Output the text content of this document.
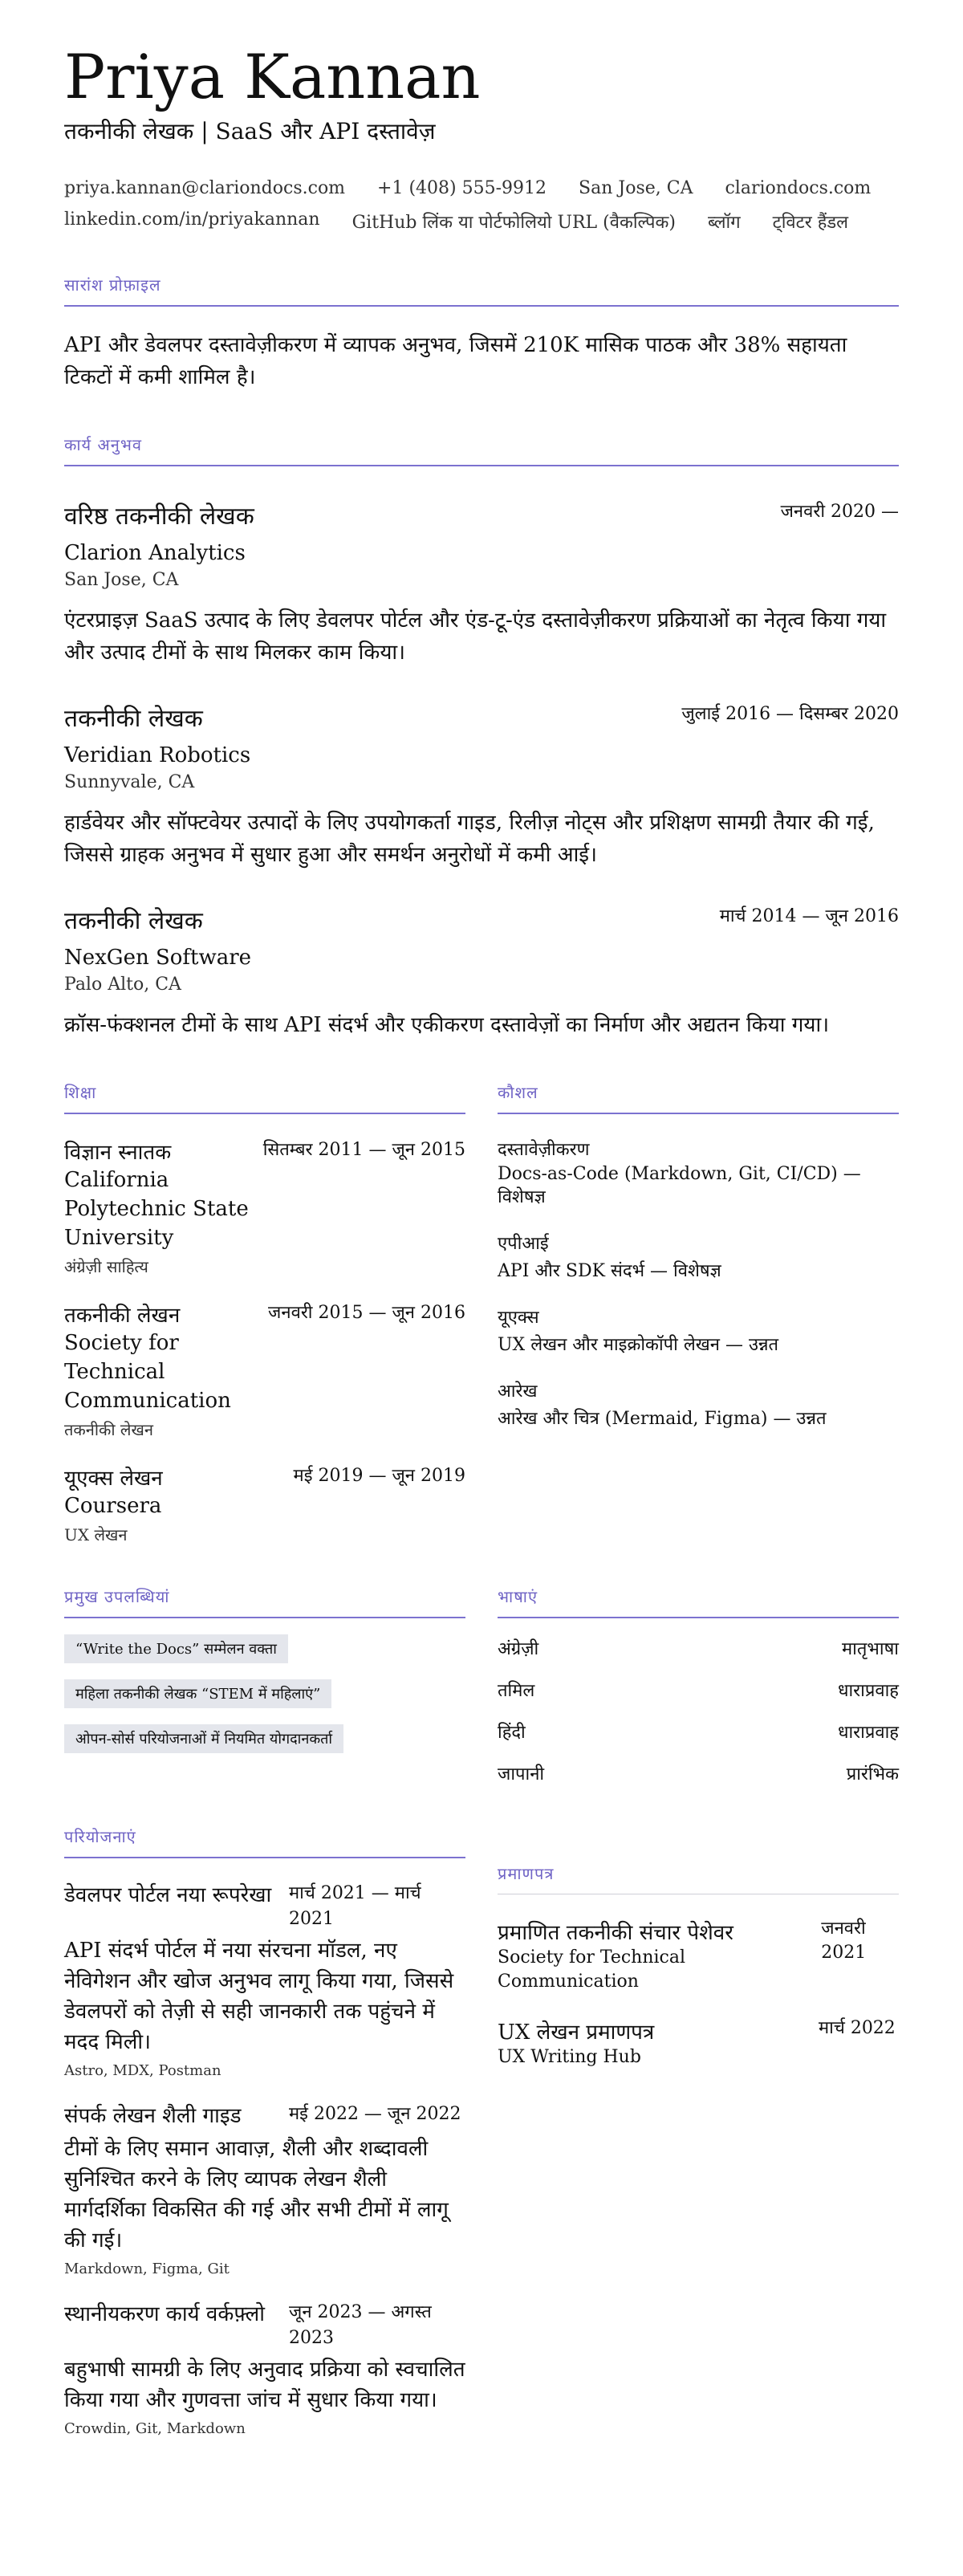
Priya Kannan
तकनीकी लेखक | SaaS और API दस्तावेज़
priya.kannan@clariondocs.com +1 (408) 555-9912 San Jose, CA clariondocs.com
linkedin.com/in/priyakannan GitHub लिंक या पोर्टफोलियो URL (वैकल्पिक) ब्लॉग ट्विटर हैंडल
सारांश प्रोफ़ाइल
API और डेवलपर दस्तावेज़ीकरण में व्यापक अनुभव, जिसमें 210K मासिक पाठक और 38% सहायता टिकटों में कमी शामिल है।
कार्य अनुभव
वरिष्ठ तकनीकी लेखक	जनवरी 2020 —
Clarion Analytics
San Jose, CA
एंटरप्राइज़ SaaS उत्पाद के लिए डेवलपर पोर्टल और एंड-टू-एंड दस्तावेज़ीकरण प्रक्रियाओं का नेतृत्व किया गया और उत्पाद टीमों के साथ मिलकर काम किया।
तकनीकी लेखक	जुलाई 2016 — दिसम्बर 2020
Veridian Robotics
Sunnyvale, CA
हार्डवेयर और सॉफ्टवेयर उत्पादों के लिए उपयोगकर्ता गाइड, रिलीज़ नोट्स और प्रशिक्षण सामग्री तैयार की गई, जिससे ग्राहक अनुभव में सुधार हुआ और समर्थन अनुरोधों में कमी आई।
तकनीकी लेखक	मार्च 2014 — जून 2016
NexGen Software
Palo Alto, CA
क्रॉस-फंक्शनल टीमों के साथ API संदर्भ और एकीकरण दस्तावेज़ों का निर्माण और अद्यतन किया गया।
शिक्षा
विज्ञान स्नातक
California Polytechnic State University
सितम्बर 2011 — जून 2015
अंग्रेज़ी साहित्य
तकनीकी लेखन
Society for Technical Communication
जनवरी 2015 — जून 2016
तकनीकी लेखन
यूएक्स लेखन
Coursera
मई 2019 — जून 2019
UX लेखन
कौशल
दस्तावेज़ीकरण
Docs-as-Code (Markdown, Git, CI/CD) — विशेषज्ञ
एपीआई
API और SDK संदर्भ — विशेषज्ञ
यूएक्स
UX लेखन और माइक्रोकॉपी लेखन — उन्नत
आरेख
आरेख और चित्र (Mermaid, Figma) — उन्नत
प्रमुख उपलब्धियां
“Write the Docs” सम्मेलन वक्ता
महिला तकनीकी लेखक “STEM में महिलाएं”
ओपन-सोर्स परियोजनाओं में नियमित योगदानकर्ता
भाषाएं
अंग्रेज़ी	मातृभाषा
तमिल	धाराप्रवाह
हिंदी	धाराप्रवाह
जापानी	प्रारंभिक
परियोजनाएं
डेवलपर पोर्टल नया रूपरेखा मार्च 2021 — मार्च 2021
API संदर्भ पोर्टल में नया संरचना मॉडल, नए नेविगेशन और खोज अनुभव लागू किया गया, जिससे डेवलपरों को तेज़ी से सही जानकारी तक पहुंचने में मदद मिली।
Astro, MDX, Postman
संपर्क लेखन शैली गाइड	मई 2022 — जून 2022
टीमों के लिए समान आवाज़, शैली और शब्दावली सुनिश्चित करने के लिए व्यापक लेखन शैली मार्गदर्शिका विकसित की गई और सभी टीमों में लागू की गई।
Markdown, Figma, Git
स्थानीयकरण कार्य वर्कफ़्लो	जून 2023 — अगस्त 2023
बहुभाषी सामग्री के लिए अनुवाद प्रक्रिया को स्वचालित किया गया और गुणवत्ता जांच में सुधार किया गया।
Crowdin, Git, Markdown
प्रमाणपत्र
प्रमाणित तकनीकी संचार पेशेवर
Society for Technical Communication
जनवरी 2021
UX लेखन प्रमाणपत्र
UX Writing Hub
मार्च 2022
